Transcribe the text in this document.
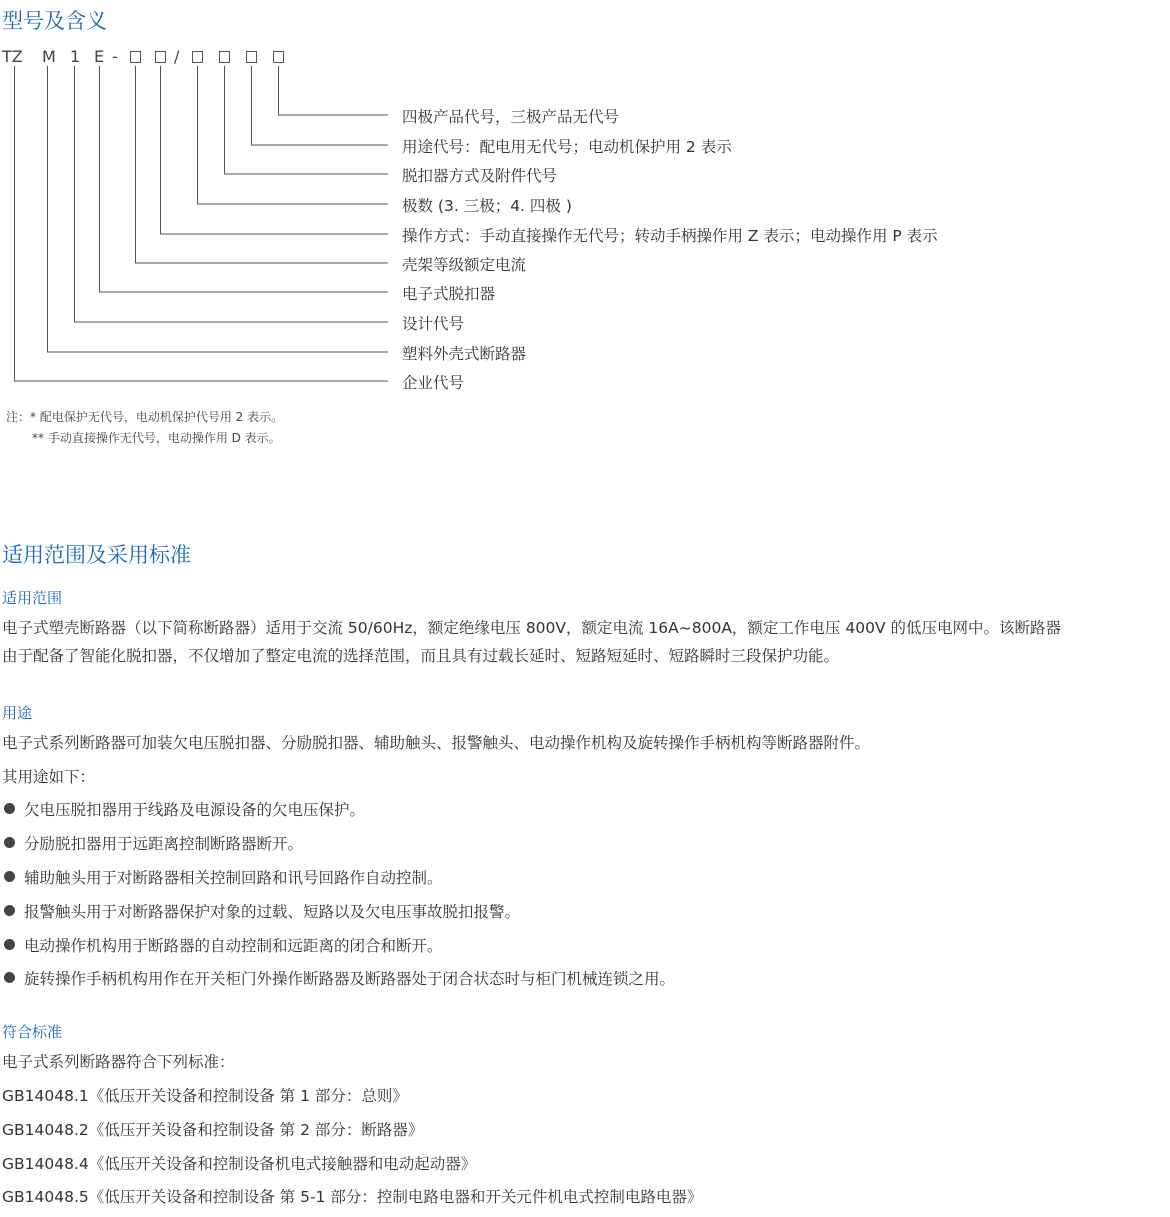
型号及含义
TZ M 1 E -	/
四极产品代号，三极产品无代号
用途代号：配电用无代号；电动机保护用 2 表示
脱扣器方式及附件代号
极数 (3. 三极；4. 四极 )
操作方式：手动直接操作无代号；转动手柄操作用 Z 表示；电动操作用 P 表示
壳架等级额定电流
电子式脱扣器
设计代号
塑料外壳式断路器
企业代号
注：* 配电保护无代号，电动机保护代号用 2 表示。
** 手动直接操作无代号，电动操作用 D 表示。
适用范围及采用标准
适用范围
电子式塑壳断路器（以下简称断路器）适用于交流 50/60Hz，额定绝缘电压 800V，额定电流 16A~800A，额定工作电压 400V 的低压电网中。该断路器
由于配备了智能化脱扣器，不仅增加了整定电流的选择范围，而且具有过载长延时、短路短延时、短路瞬时三段保护功能。
用途
电子式系列断路器可加装欠电压脱扣器、分励脱扣器、辅助触头、报警触头、电动操作机构及旋转操作手柄机构等断路器附件。
其用途如下：
欠电压脱扣器用于线路及电源设备的欠电压保护。
分励脱扣器用于远距离控制断路器断开。
辅助触头用于对断路器相关控制回路和讯号回路作自动控制。
报警触头用于对断路器保护对象的过载、短路以及欠电压事故脱扣报警。
电动操作机构用于断路器的自动控制和远距离的闭合和断开。
旋转操作手柄机构用作在开关柜门外操作断路器及断路器处于闭合状态时与柜门机械连锁之用。
符合标准
电子式系列断路器符合下列标准：
GB14048.1《低压开关设备和控制设备 第 1 部分：总则》
GB14048.2《低压开关设备和控制设备 第 2 部分：断路器》
GB14048.4《低压开关设备和控制设备机电式接触器和电动起动器》
GB14048.5《低压开关设备和控制设备 第 5-1 部分：控制电路电器和开关元件机电式控制电路电器》
